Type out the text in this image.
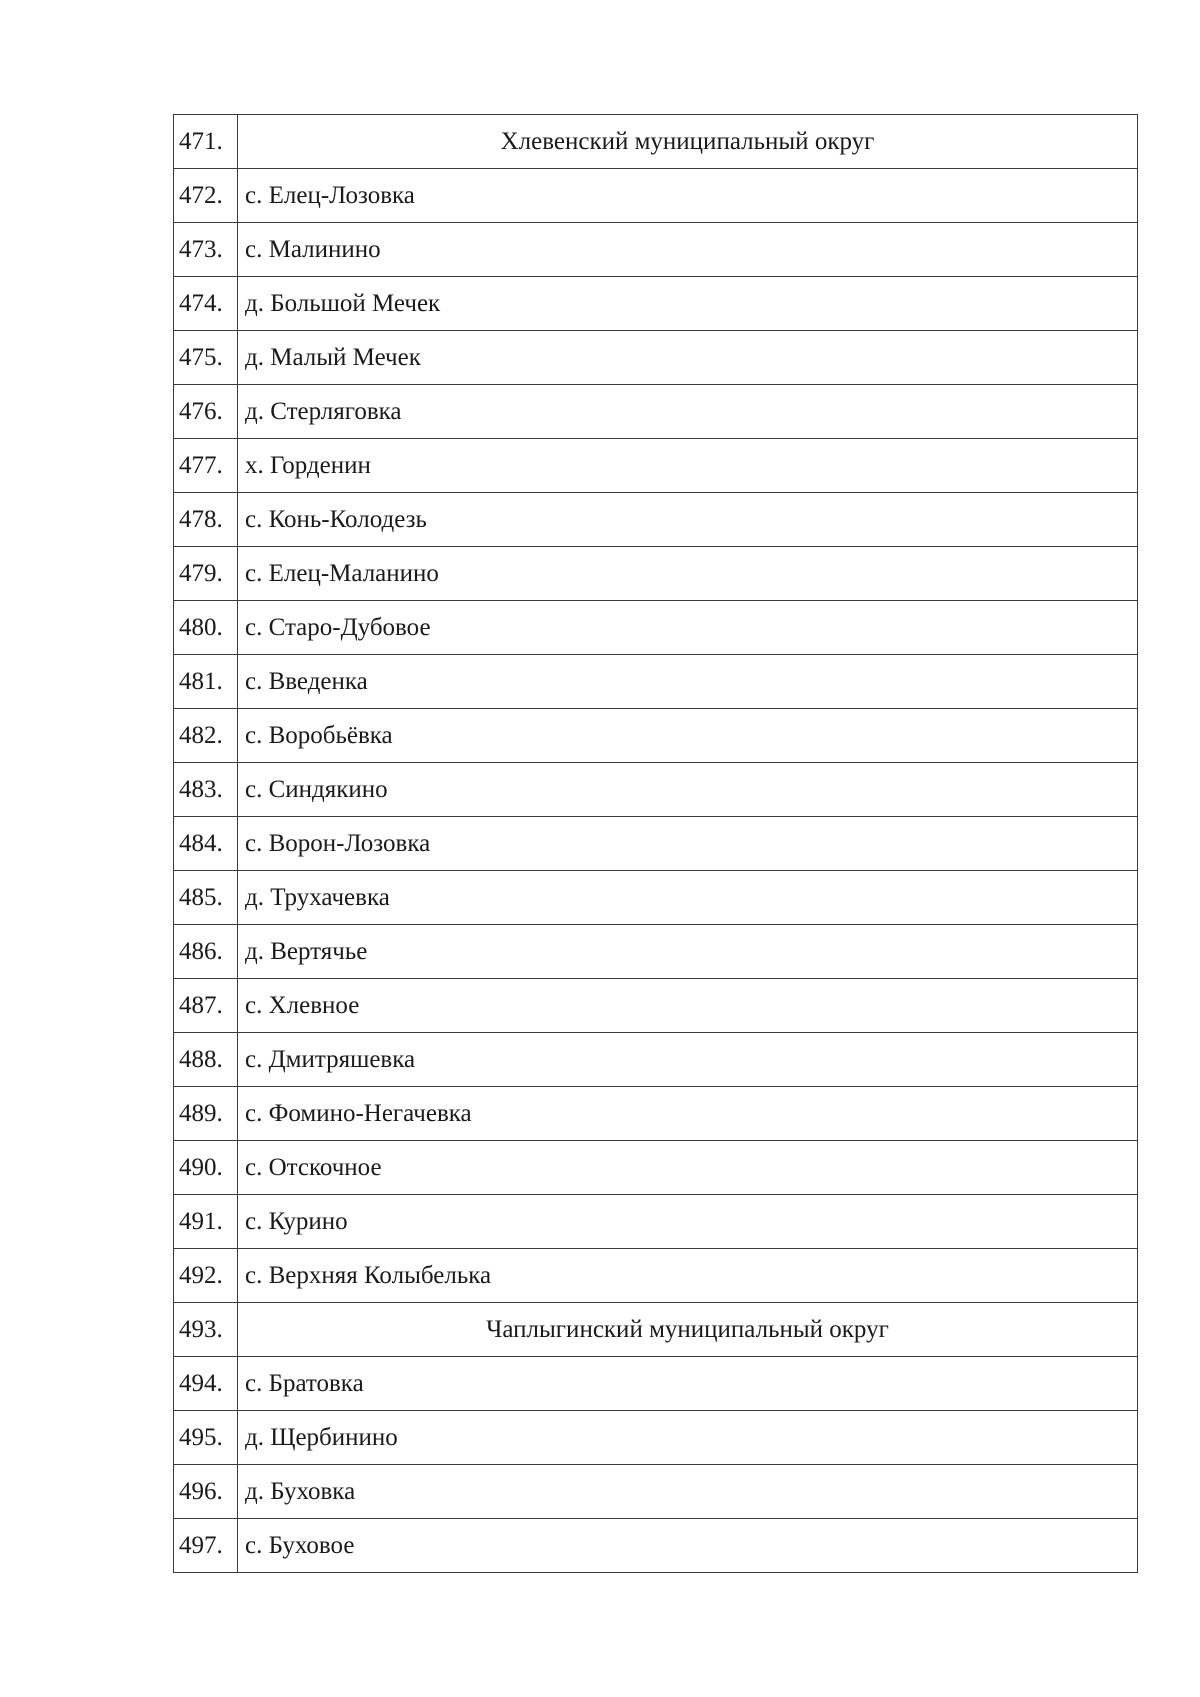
471.	Хлевенский муниципальный округ
472.	с. Елец-Лозовка
473.	с. Малинино
474.	д. Большой Мечек
475.	д. Малый Мечек
476.	д. Стерляговка
477.	х. Горденин
478.	с. Конь-Колодезь
479.	с. Елец-Маланино
480.	с. Старо-Дубовое
481.	с. Введенка
482.	с. Воробьёвка
483.	с. Синдякино
484.	с. Ворон-Лозовка
485.	д. Трухачевка
486.	д. Вертячье
487.	с. Хлевное
488.	с. Дмитряшевка
489.	с. Фомино-Негачевка
490.	с. Отскочное
491.	с. Курино
492.	с. Верхняя Колыбелька
493.	Чаплыгинский муниципальный округ
494.	с. Братовка
495.	д. Щербинино
496.	д. Буховка
497.	с. Буховое
